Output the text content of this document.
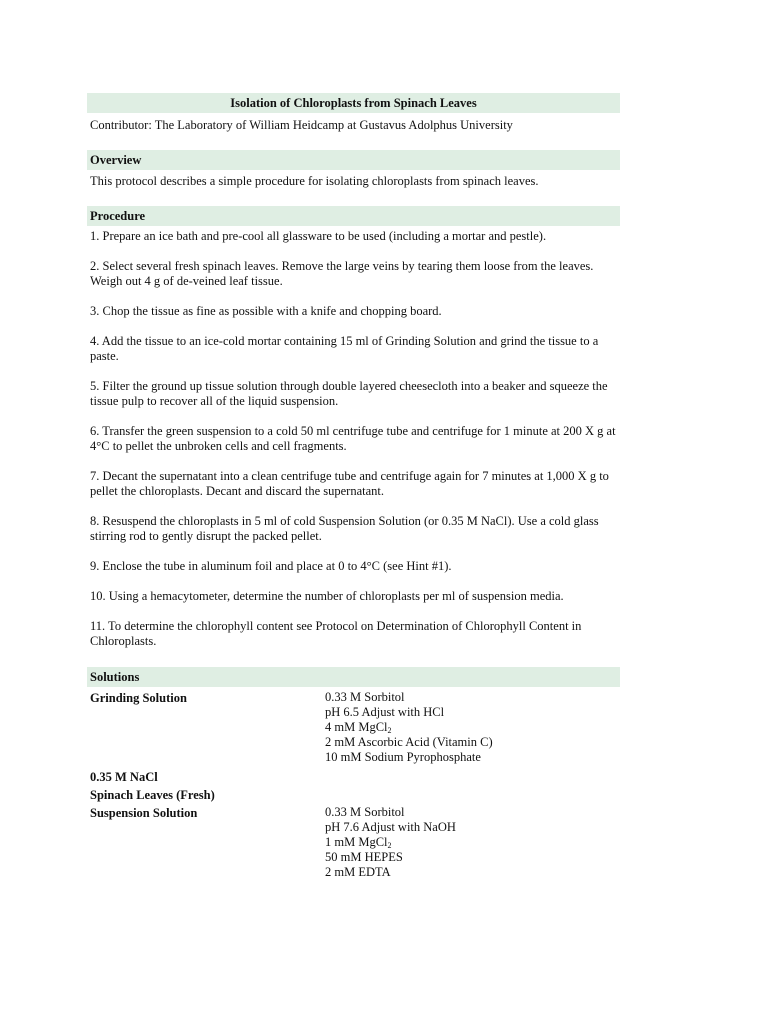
Isolation of Chloroplasts from Spinach Leaves
Contributor: The Laboratory of William Heidcamp at Gustavus Adolphus University
Overview
This protocol describes a simple procedure for isolating chloroplasts from spinach leaves.
Procedure
1. Prepare an ice bath and pre-cool all glassware to be used (including a mortar and pestle).
2. Select several fresh spinach leaves. Remove the large veins by tearing them loose from the leaves. Weigh out 4 g of de-veined leaf tissue.
3. Chop the tissue as fine as possible with a knife and chopping board.
4. Add the tissue to an ice-cold mortar containing 15 ml of Grinding Solution and grind the tissue to a paste.
5. Filter the ground up tissue solution through double layered cheesecloth into a beaker and squeeze the tissue pulp to recover all of the liquid suspension.
6. Transfer the green suspension to a cold 50 ml centrifuge tube and centrifuge for 1 minute at 200 X g at 4°C to pellet the unbroken cells and cell fragments.
7. Decant the supernatant into a clean centrifuge tube and centrifuge again for 7 minutes at 1,000 X g to pellet the chloroplasts. Decant and discard the supernatant.
8. Resuspend the chloroplasts in 5 ml of cold Suspension Solution (or 0.35 M NaCl). Use a cold glass stirring rod to gently disrupt the packed pellet.
9. Enclose the tube in aluminum foil and place at 0 to 4°C (see Hint #1).
10. Using a hemacytometer, determine the number of chloroplasts per ml of suspension media.
11. To determine the chlorophyll content see Protocol on Determination of Chlorophyll Content in Chloroplasts.
Solutions
Grinding Solution	0.33 M Sorbitol
pH 6.5 Adjust with HCl
4 mM MgCl$_2$
2 mM Ascorbic Acid (Vitamin C)
10 mM Sodium Pyrophosphate
0.35 M NaCl
Spinach Leaves (Fresh)
Suspension Solution	0.33 M Sorbitol
pH 7.6 Adjust with NaOH
1 mM MgCl$_2$
50 mM HEPES
2 mM EDTA
